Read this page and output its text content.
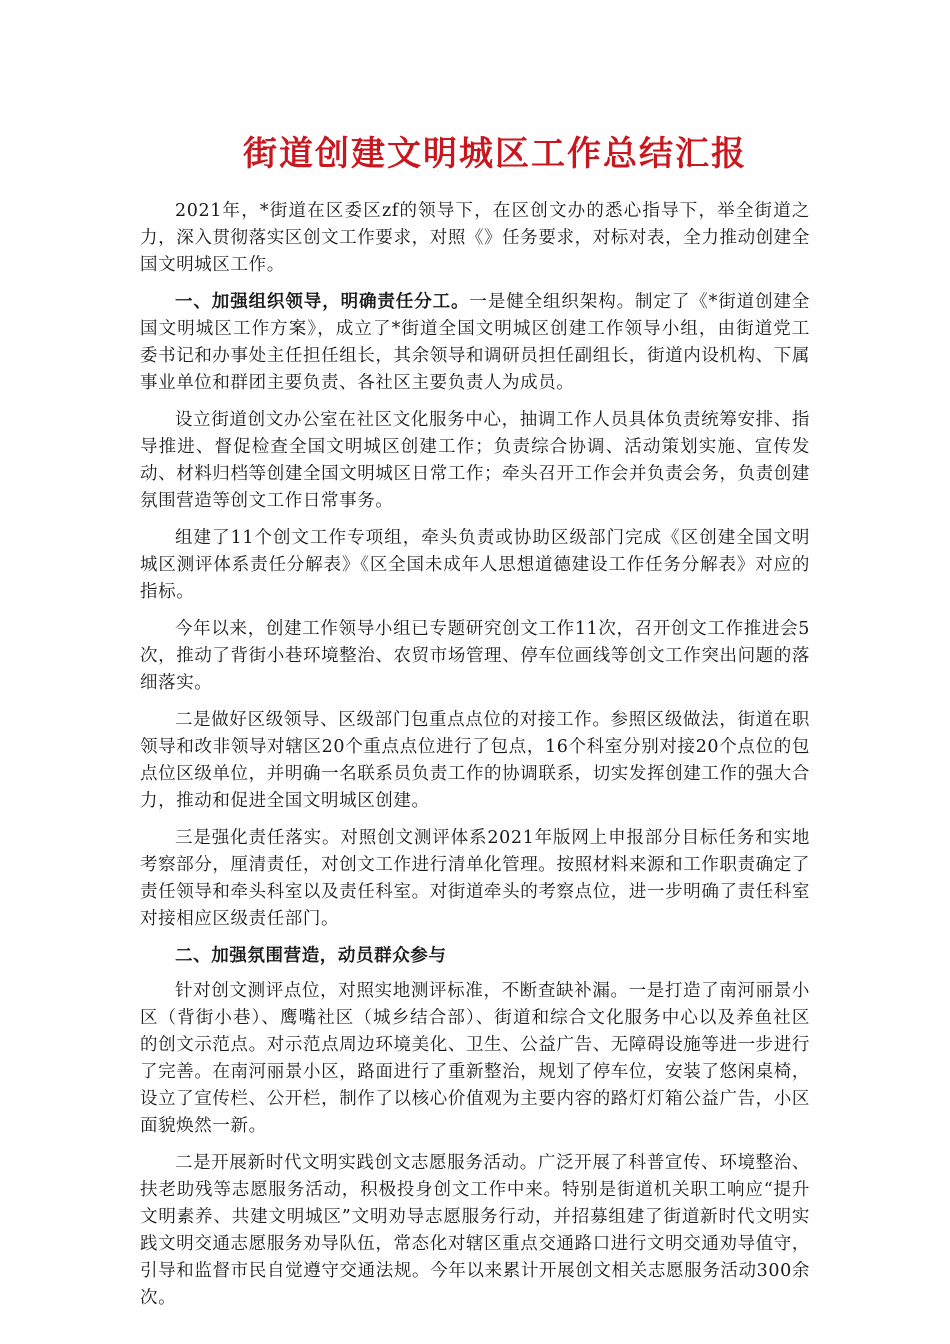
街道创建文明城区工作总结汇报

2021年，*街道在区委区zf的领导下，在区创文办的悉心指导下，举全街道之力，深入贯彻落实区创文工作要求，对照《》任务要求，对标对表，全力推动创建全国文明城区工作。

一、加强组织领导，明确责任分工。一是健全组织架构。制定了《*街道创建全国文明城区工作方案》，成立了*街道全国文明城区创建工作领导小组，由街道党工委书记和办事处主任担任组长，其余领导和调研员担任副组长，街道内设机构、下属事业单位和群团主要负责、各社区主要负责人为成员。

设立街道创文办公室在社区文化服务中心，抽调工作人员具体负责统筹安排、指导推进、督促检查全国文明城区创建工作；负责综合协调、活动策划实施、宣传发动、材料归档等创建全国文明城区日常工作；牵头召开工作会并负责会务，负责创建氛围营造等创文工作日常事务。

组建了11个创文工作专项组，牵头负责或协助区级部门完成《区创建全国文明城区测评体系责任分解表》《区全国未成年人思想道德建设工作任务分解表》对应的指标。

今年以来，创建工作领导小组已专题研究创文工作11次，召开创文工作推进会5次，推动了背街小巷环境整治、农贸市场管理、停车位画线等创文工作突出问题的落细落实。

二是做好区级领导、区级部门包重点点位的对接工作。参照区级做法，街道在职领导和改非领导对辖区20个重点点位进行了包点，16个科室分别对接20个点位的包点位区级单位，并明确一名联系员负责工作的协调联系，切实发挥创建工作的强大合力，推动和促进全国文明城区创建。

三是强化责任落实。对照创文测评体系2021年版网上申报部分目标任务和实地考察部分，厘清责任，对创文工作进行清单化管理。按照材料来源和工作职责确定了责任领导和牵头科室以及责任科室。对街道牵头的考察点位，进一步明确了责任科室对接相应区级责任部门。

二、加强氛围营造，动员群众参与

针对创文测评点位，对照实地测评标准，不断查缺补漏。一是打造了南河丽景小区（背街小巷）、鹰嘴社区（城乡结合部）、街道和综合文化服务中心以及养鱼社区的创文示范点。对示范点周边环境美化、卫生、公益广告、无障碍设施等进一步进行了完善。在南河丽景小区，路面进行了重新整治，规划了停车位，安装了悠闲桌椅，设立了宣传栏、公开栏，制作了以核心价值观为主要内容的路灯灯箱公益广告，小区面貌焕然一新。

二是开展新时代文明实践创文志愿服务活动。广泛开展了科普宣传、环境整治、扶老助残等志愿服务活动，积极投身创文工作中来。特别是街道机关职工响应“提升文明素养、共建文明城区”文明劝导志愿服务行动，并招募组建了街道新时代文明实践文明交通志愿服务劝导队伍，常态化对辖区重点交通路口进行文明交通劝导值守，引导和监督市民自觉遵守交通法规。今年以来累计开展创文相关志愿服务活动300余次。
